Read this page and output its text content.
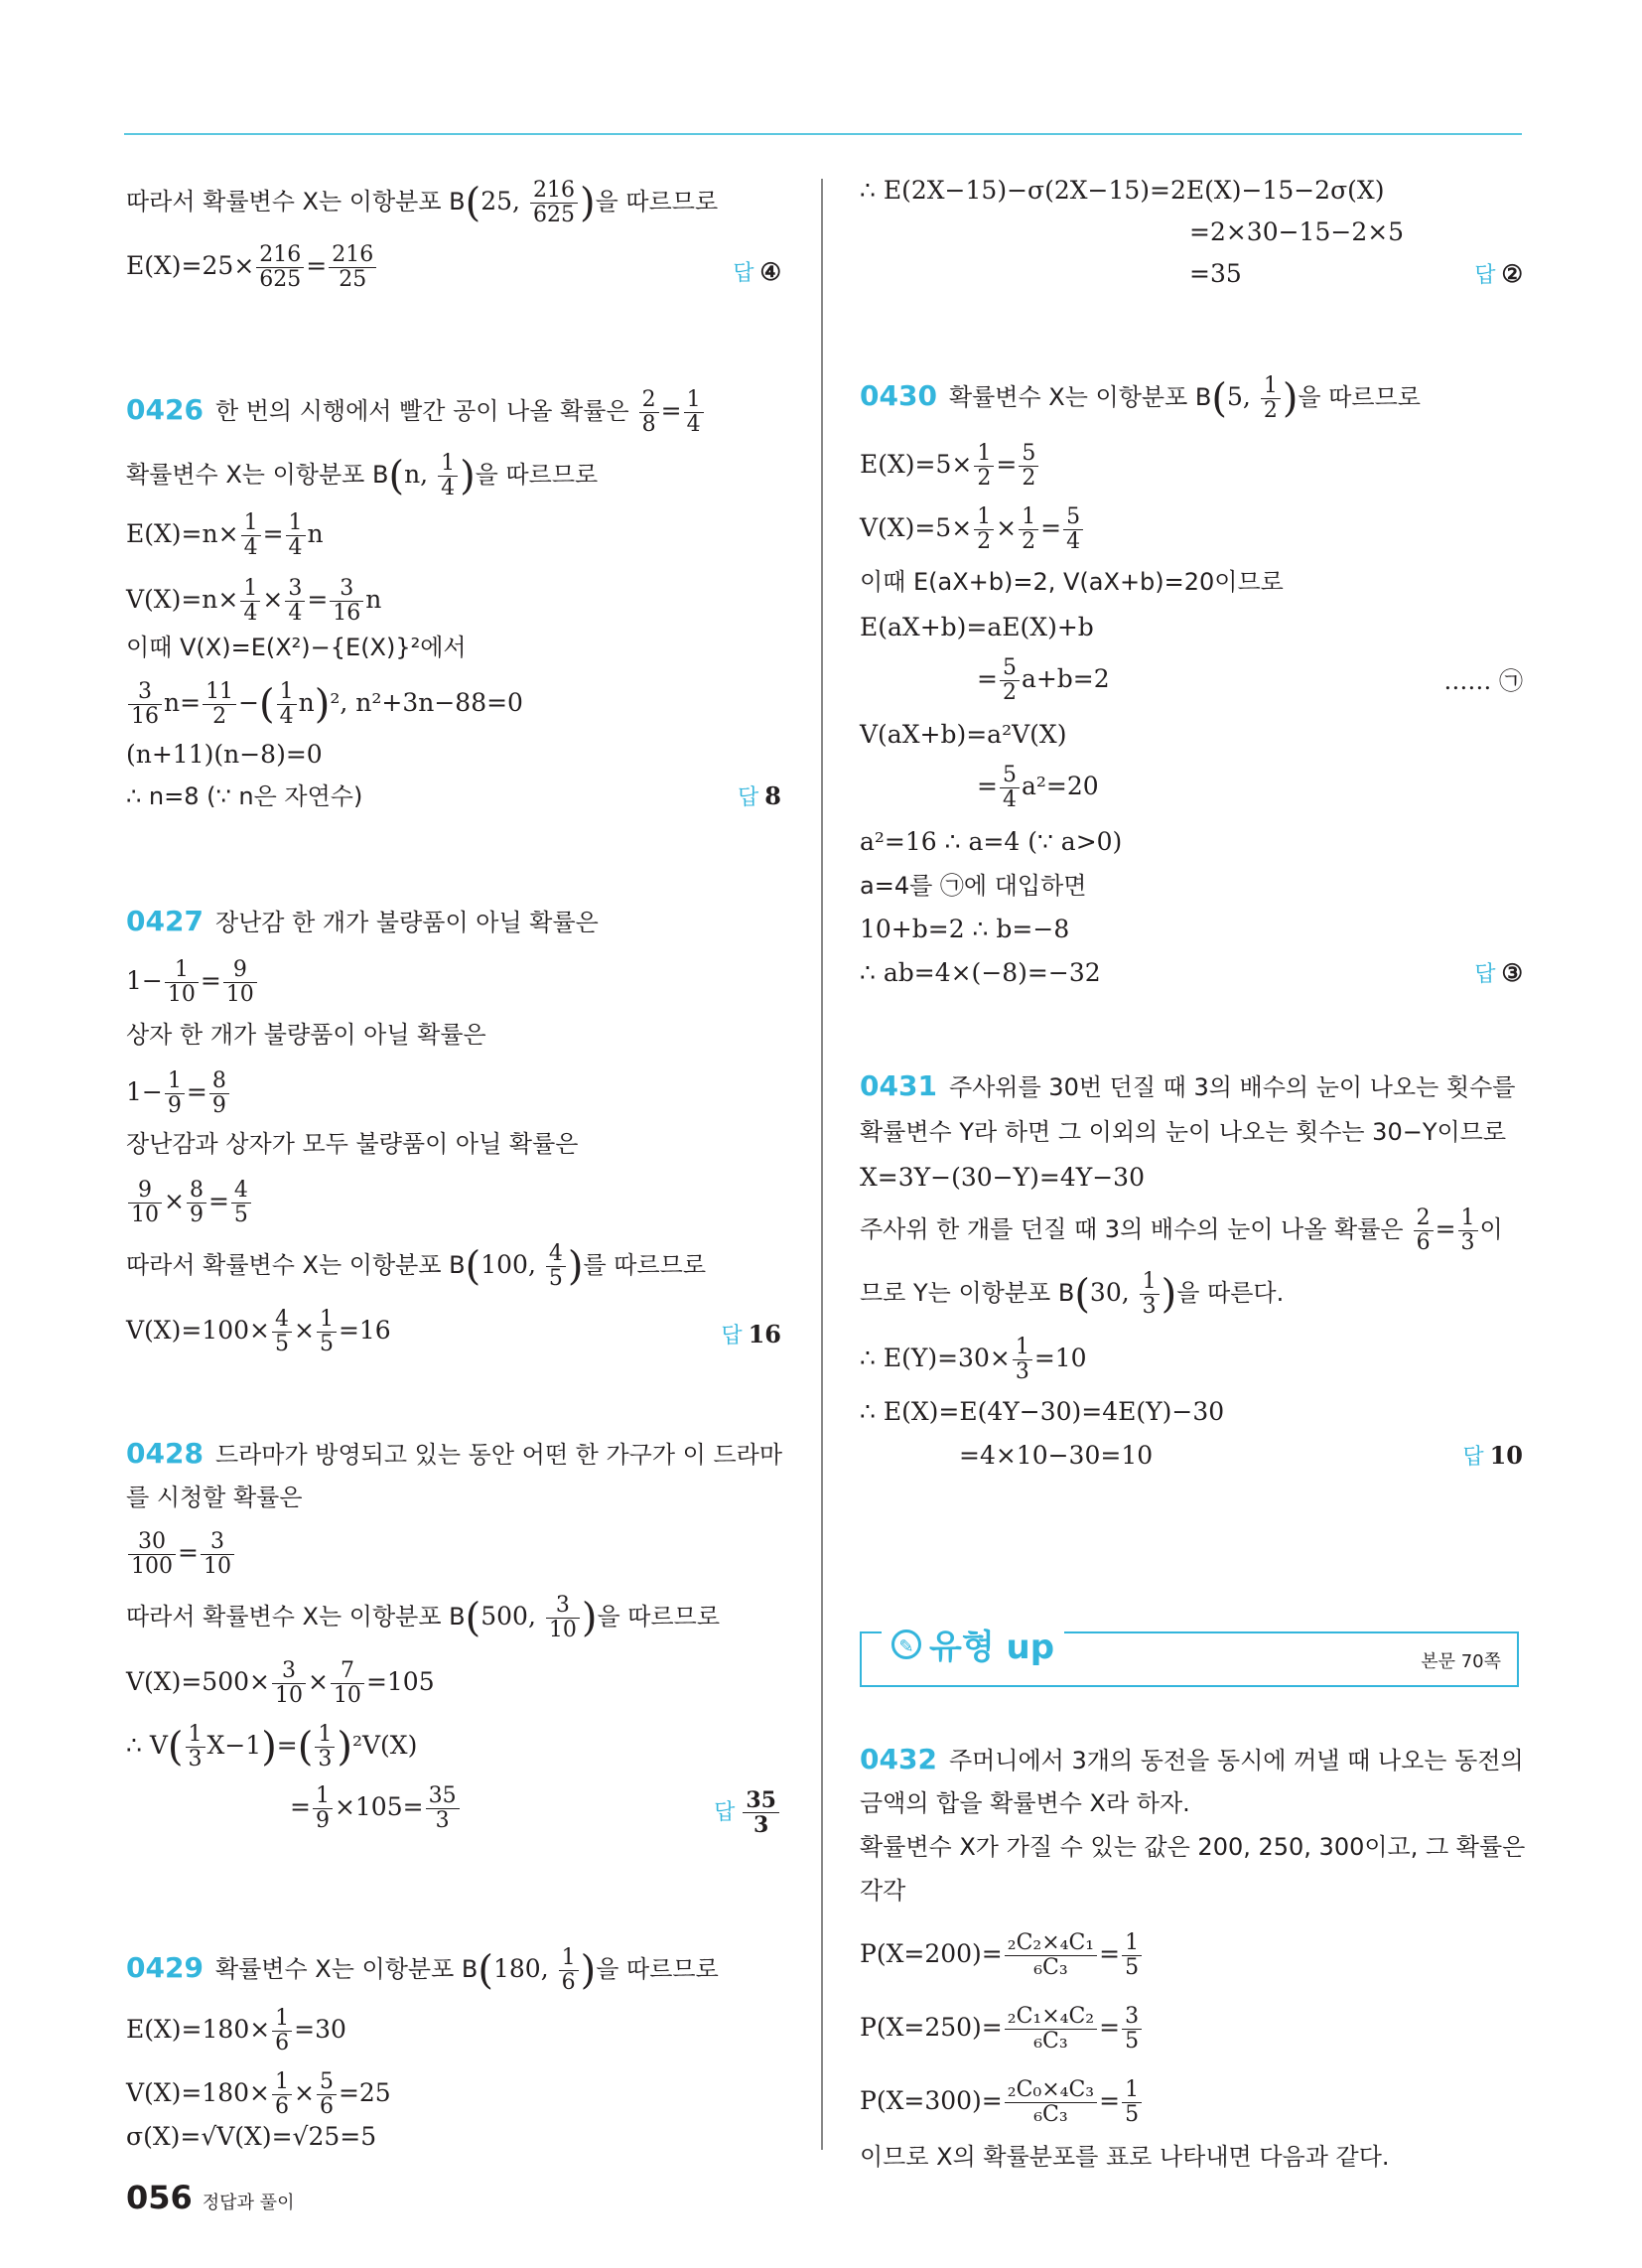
따라서 확률변수 X는 이항분포 B(25, $\frac{216}{625}$ )을 따르므로
$E(X)=25\times \frac{216}{625} = \frac{216}{25}$	답 ④
0426 한 번의 시행에서 빨간 공이 나올 확률은 $\frac{2}{8} = \frac{1}{4}$
확률변수 X는 이항분포 B(n, $\frac{1}{4}$ )을 따르므로
$E(X)=n\times \frac{1}{4} = \frac{1}{4}$ n
$V(X)=n\times \frac{1}{4} \times \frac{3}{4} = \frac{3}{16}$ n
이때 V(X)=E(X²)−{E(X)}²에서
$\frac{3}{16} n= \frac{11}{2}$ −( $\frac{1}{4} n)^2$, n²+3n−88=0
(n+11)(n−8)=0
∴ n=8 (∵ n은 자연수)	답 8
0427 장난감 한 개가 불량품이 아닐 확률은
$1- \frac{1}{10} = \frac{9}{10}$
상자 한 개가 불량품이 아닐 확률은
$1- \frac{1}{9} = \frac{8}{9}$
장난감과 상자가 모두 불량품이 아닐 확률은
$\frac{9}{10} \times \frac{8}{9} = \frac{4}{5}$
따라서 확률변수 X는 이항분포 B(100, $\frac{4}{5}$ )를 따르므로
$V(X)=100\times \frac{4}{5} \times \frac{1}{5} =16$	답 16
0428 드라마가 방영되고 있는 동안 어떤 한 가구가 이 드라마
를 시청할 확률은
$\frac{30}{100} = \frac{3}{10}$
따라서 확률변수 X는 이항분포 B(500, $\frac{3}{10}$ )을 따르므로
$V(X)=500\times \frac{3}{10} \times \frac{7}{10} =105$
∴ $V( \frac{1}{3} X-1)=( \frac{1}{3} )^2V(X)$
= $\frac{1}{9} \times 105= \frac{35}{3}$	답 $\frac{35}{3}$
0429 확률변수 X는 이항분포 B(180, $\frac{1}{6}$ )을 따르므로
$E(X)=180\times \frac{1}{6} =30$
$V(X)=180\times \frac{1}{6} \times \frac{5}{6} =25$
σ(X)=√V(X)=√25=5
∴ E(2X−15)−σ(2X−15)=2E(X)−15−2σ(X)
=2×30−15−2×5
=35	답 ②
0430 확률변수 X는 이항분포 B(5, $\frac{1}{2}$ )을 따르므로
$E(X)=5\times \frac{1}{2} = \frac{5}{2}$
$V(X)=5\times \frac{1}{2} \times \frac{1}{2} = \frac{5}{4}$
이때 E(aX+b)=2, V(aX+b)=20이므로
E(aX+b)=aE(X)+b
= $\frac{5}{2} a+b=2$	…… ㉠
V(aX+b)=a²V(X)
= $\frac{5}{4} a^2=20$
a²=16 ∴ a=4 (∵ a>0)
a=4를 ㉠에 대입하면
10+b=2 ∴ b=−8
∴ ab=4×(−8)=−32	답 ③
0431 주사위를 30번 던질 때 3의 배수의 눈이 나오는 횟수를
확률변수 Y라 하면 그 이외의 눈이 나오는 횟수는 30−Y이므로
X=3Y−(30−Y)=4Y−30
주사위 한 개를 던질 때 3의 배수의 눈이 나올 확률은 $\frac{2}{6} = \frac{1}{3}$ 이
므로 Y는 이항분포 B(30, $\frac{1}{3}$ )을 따른다.
∴ $E(Y)=30\times \frac{1}{3} =10$
∴ E(X)=E(4Y−30)=4E(Y)−30
=4×10−30=10	답 10
0432 주머니에서 3개의 동전을 동시에 꺼낼 때 나오는 동전의
금액의 합을 확률변수 X라 하자.
확률변수 X가 가질 수 있는 값은 200, 250, 300이고, 그 확률은
각각
$P(X=200)= \frac{\text{₂C₂×₄C₁}}{\text{₆C₃}} = \frac{1}{5}$
$P(X=250)= \frac{\text{₂C₁×₄C₂}}{\text{₆C₃}} = \frac{3}{5}$
$P(X=300)= \frac{\text{₂C₀×₄C₃}}{\text{₆C₃}} = \frac{1}{5}$
이므로 X의 확률분포를 표로 나타내면 다음과 같다.
✎ 유형 up	본문 70쪽
056 정답과 풀이
